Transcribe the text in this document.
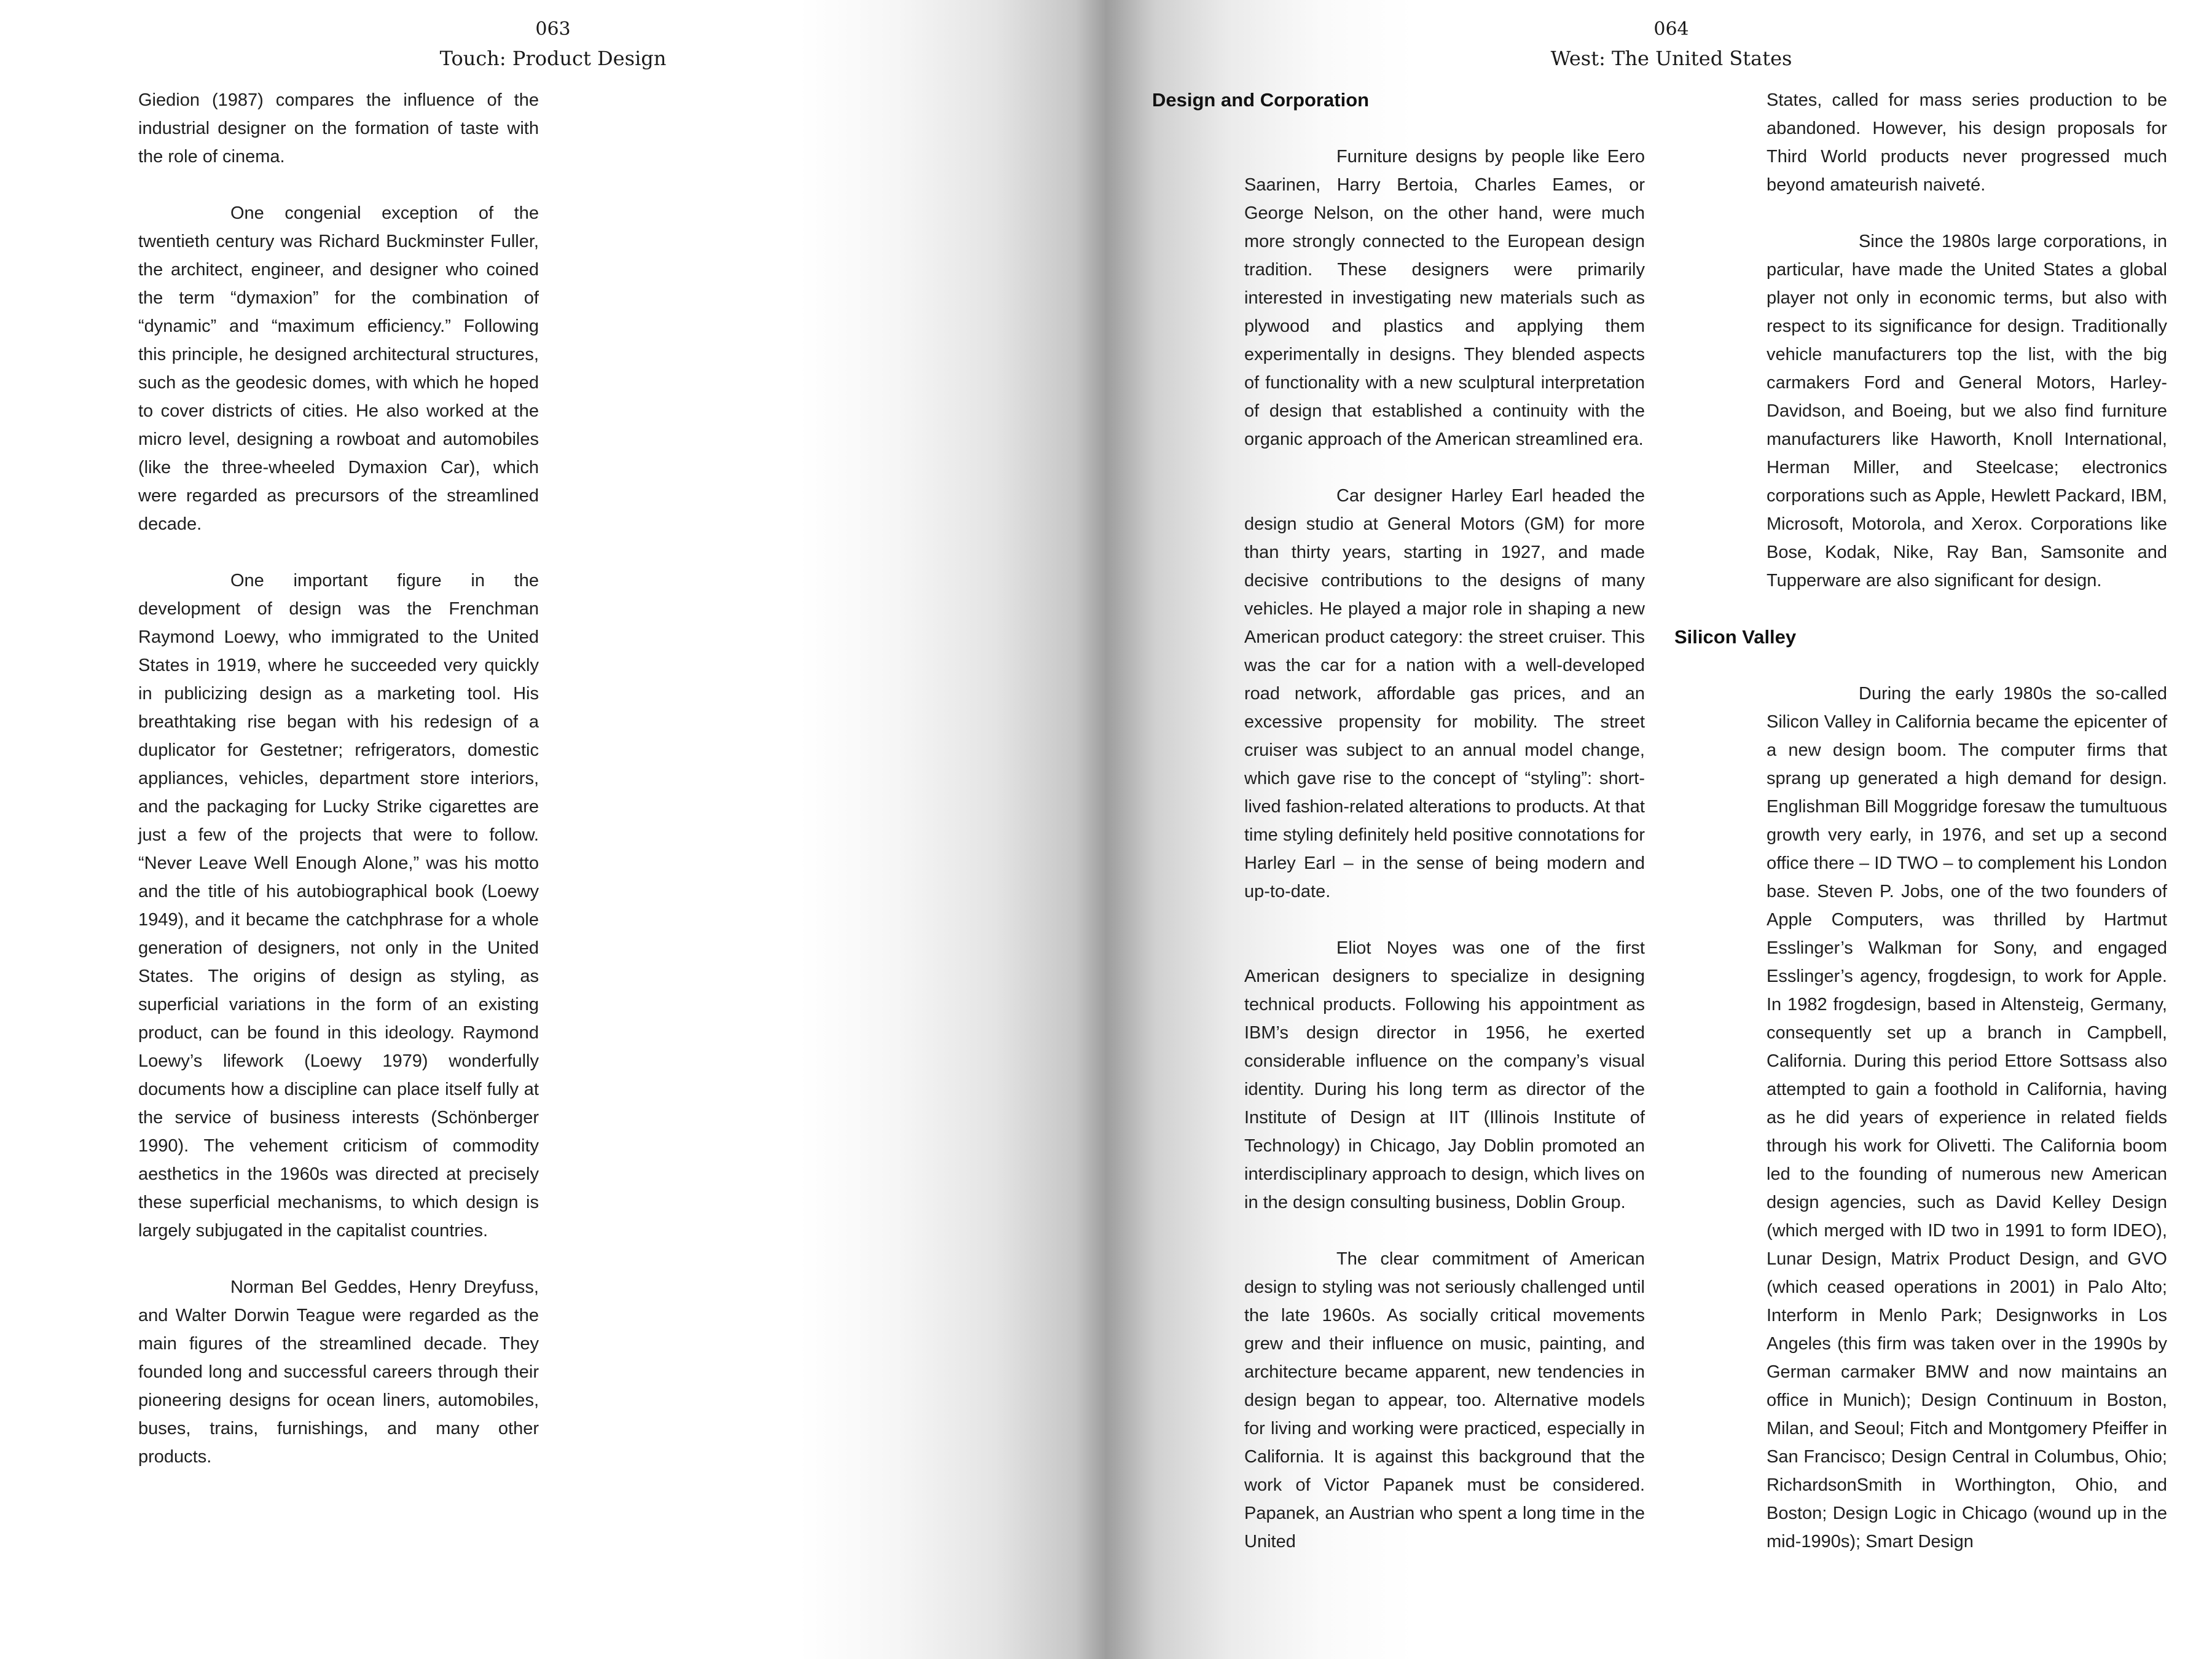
063
Touch: Product Design
064
West: The United States

Giedion (1987) compares the influence of the industrial designer on the formation of taste with the role of cinema.

One congenial exception of the twentieth century was Richard Buckminster Fuller, the architect, engineer, and designer who coined the term “dymaxion” for the combination of “dynamic” and “maximum efficiency.” Following this principle, he designed architectural structures, such as the geodesic domes, with which he hoped to cover districts of cities. He also worked at the micro level, designing a rowboat and automobiles (like the three-wheeled Dymaxion Car), which were regarded as precursors of the streamlined decade.

One important figure in the development of design was the Frenchman Raymond Loewy, who immigrated to the United States in 1919, where he succeeded very quickly in publicizing design as a marketing tool. His breathtaking rise began with his redesign of a duplicator for Gestetner; refrigerators, domestic appliances, vehicles, department store interiors, and the packaging for Lucky Strike cigarettes are just a few of the projects that were to follow. “Never Leave Well Enough Alone,” was his motto and the title of his autobiographical book (Loewy 1949), and it became the catchphrase for a whole generation of designers, not only in the United States. The origins of design as styling, as superficial variations in the form of an existing product, can be found in this ideology. Raymond Loewy’s lifework (Loewy 1979) wonderfully documents how a discipline can place itself fully at the service of business interests (Schönberger 1990). The vehement criticism of commodity aesthetics in the 1960s was directed at precisely these superficial mechanisms, to which design is largely subjugated in the capitalist countries.

Norman Bel Geddes, Henry Dreyfuss, and Walter Dorwin Teague were regarded as the main figures of the streamlined decade. They founded long and successful careers through their pioneering designs for ocean liners, automobiles, buses, trains, furnishings, and many other products.

Design and Corporation

Furniture designs by people like Eero Saarinen, Harry Bertoia, Charles Eames, or George Nelson, on the other hand, were much more strongly connected to the European design tradition. These designers were primarily interested in investigating new materials such as plywood and plastics and applying them experimentally in designs. They blended aspects of functionality with a new sculptural interpretation of design that established a continuity with the organic approach of the American streamlined era.

Car designer Harley Earl headed the design studio at General Motors (GM) for more than thirty years, starting in 1927, and made decisive contributions to the designs of many vehicles. He played a major role in shaping a new American product category: the street cruiser. This was the car for a nation with a well-developed road network, affordable gas prices, and an excessive propensity for mobility. The street cruiser was subject to an annual model change, which gave rise to the concept of “styling”: short-lived fashion-related alterations to products. At that time styling definitely held positive connotations for Harley Earl – in the sense of being modern and up-to-date.

Eliot Noyes was one of the first American designers to specialize in designing technical products. Following his appointment as IBM’s design director in 1956, he exerted considerable influence on the company’s visual identity. During his long term as director of the Institute of Design at IIT (Illinois Institute of Technology) in Chicago, Jay Doblin promoted an interdisciplinary approach to design, which lives on in the design consulting business, Doblin Group.

The clear commitment of American design to styling was not seriously challenged until the late 1960s. As socially critical movements grew and their influence on music, painting, and architecture became apparent, new tendencies in design began to appear, too. Alternative models for living and working were practiced, especially in California. It is against this background that the work of Victor Papanek must be considered. Papanek, an Austrian who spent a long time in the United

States, called for mass series production to be abandoned. However, his design proposals for Third World products never progressed much beyond amateurish naiveté.

Since the 1980s large corporations, in particular, have made the United States a global player not only in economic terms, but also with respect to its significance for design. Traditionally vehicle manufacturers top the list, with the big carmakers Ford and General Motors, Harley-Davidson, and Boeing, but we also find furniture manufacturers like Haworth, Knoll International, Herman Miller, and Steelcase; electronics corporations such as Apple, Hewlett Packard, IBM, Microsoft, Motorola, and Xerox. Corporations like Bose, Kodak, Nike, Ray Ban, Samsonite and Tupperware are also significant for design.

Silicon Valley

During the early 1980s the so-called Silicon Valley in California became the epicenter of a new design boom. The computer firms that sprang up generated a high demand for design. Englishman Bill Moggridge foresaw the tumultuous growth very early, in 1976, and set up a second office there – ID TWO – to complement his London base. Steven P. Jobs, one of the two founders of Apple Computers, was thrilled by Hartmut Esslinger’s Walkman for Sony, and engaged Esslinger’s agency, frogdesign, to work for Apple. In 1982 frogdesign, based in Altensteig, Germany, consequently set up a branch in Campbell, California. During this period Ettore Sottsass also attempted to gain a foothold in California, having as he did years of experience in related fields through his work for Olivetti. The California boom led to the founding of numerous new American design agencies, such as David Kelley Design (which merged with ID two in 1991 to form IDEO), Lunar Design, Matrix Product Design, and GVO (which ceased operations in 2001) in Palo Alto; Interform in Menlo Park; Designworks in Los Angeles (this firm was taken over in the 1990s by German carmaker BMW and now maintains an office in Munich); Design Continuum in Boston, Milan, and Seoul; Fitch and Montgomery Pfeiffer in San Francisco; Design Central in Columbus, Ohio; RichardsonSmith in Worthington, Ohio, and Boston; Design Logic in Chicago (wound up in the mid-1990s); Smart Design
